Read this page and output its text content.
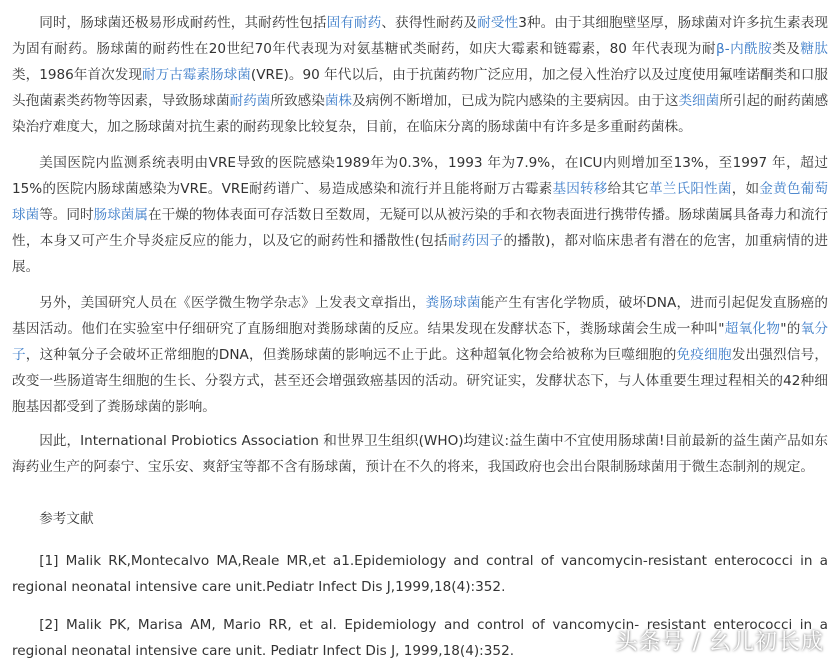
同时，肠球菌还极易形成耐药性，其耐药性包括固有耐药、获得性耐药及耐受性3种。由于其细胞壁坚厚，肠球菌对许多抗生素表现为固有耐药。肠球菌的耐药性在20世纪70年代表现为对氨基糖甙类耐药，如庆大霉素和链霉素，80 年代表现为耐β-内酰胺类及糖肽类，1986年首次发现耐万古霉素肠球菌(VRE)。90 年代以后，由于抗菌药物广泛应用，加之侵入性治疗以及过度使用氟喹诺酮类和口服头孢菌素类药物等因素，导致肠球菌耐药菌所致感染菌株及病例不断增加，已成为院内感染的主要病因。由于这类细菌所引起的耐药菌感染治疗难度大，加之肠球菌对抗生素的耐药现象比较复杂，目前，在临床分离的肠球菌中有许多是多重耐药菌株。

美国医院内监测系统表明由VRE导致的医院感染1989年为0.3%，1993 年为7.9%，在ICU内则增加至13%，至1997 年，超过15%的医院内肠球菌感染为VRE。VRE耐药谱广、易造成感染和流行并且能将耐万古霉素基因转移给其它革兰氏阳性菌，如金黄色葡萄球菌等。同时肠球菌属在干燥的物体表面可存活数日至数周，无疑可以从被污染的手和衣物表面进行携带传播。肠球菌属具备毒力和流行性，本身又可产生介导炎症反应的能力，以及它的耐药性和播散性(包括耐药因子的播散)，都对临床患者有潜在的危害，加重病情的进展。

另外，美国研究人员在《医学微生物学杂志》上发表文章指出，粪肠球菌能产生有害化学物质，破坏DNA，进而引起促发直肠癌的基因活动。他们在实验室中仔细研究了直肠细胞对粪肠球菌的反应。结果发现在发酵状态下，粪肠球菌会生成一种叫"超氧化物"的氧分子，这种氧分子会破坏正常细胞的DNA，但粪肠球菌的影响远不止于此。这种超氧化物会给被称为巨噬细胞的免疫细胞发出强烈信号，改变一些肠道寄生细胞的生长、分裂方式，甚至还会增强致癌基因的活动。研究证实，发酵状态下，与人体重要生理过程相关的42种细胞基因都受到了粪肠球菌的影响。

因此，International Probiotics Association 和世界卫生组织(WHO)均建议:益生菌中不宜使用肠球菌!目前最新的益生菌产品如东海药业生产的阿泰宁、宝乐安、爽舒宝等都不含有肠球菌，预计在不久的将来，我国政府也会出台限制肠球菌用于微生态制剂的规定。

参考文献

[1] Malik RK,Montecalvo MA,Reale MR,et a1.Epidemiology and contral of vancomycin-resistant enterococci in a regional neonatal intensive care unit.Pediatr Infect Dis J,1999,18(4):352.

[2] Malik PK, Marisa AM, Mario RR, et al. Epidemiology and control of vancomycin- resistant enterococci in a regional neonatal intensive care unit. Pediatr Infect Dis J, 1999,18(4):352.	头条号 / 幺儿初长成
